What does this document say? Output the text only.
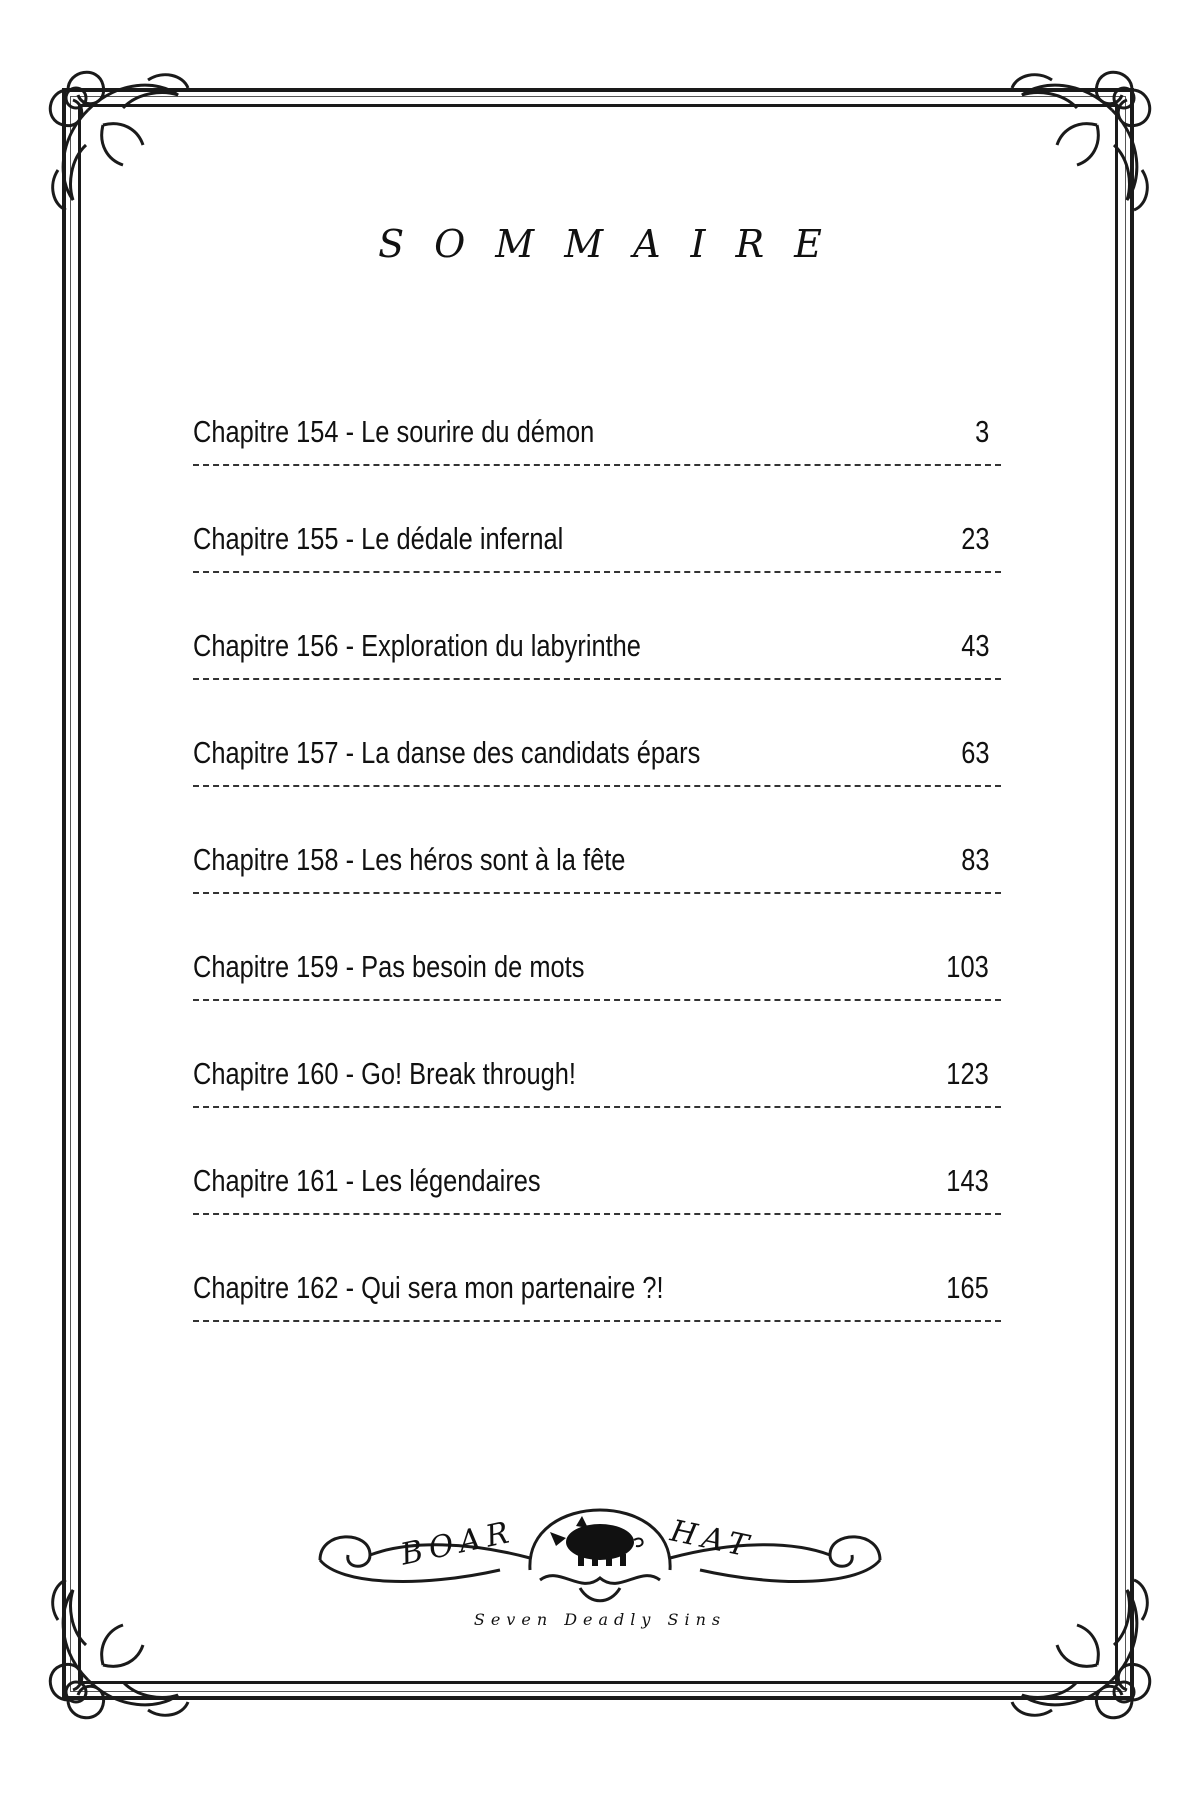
SOMMAIRE
Chapitre 154 - Le sourire du démon	3
Chapitre 155 - Le dédale infernal	23
Chapitre 156 - Exploration du labyrinthe	43
Chapitre 157 - La danse des candidats épars	63
Chapitre 158 - Les héros sont à la fête	83
Chapitre 159 - Pas besoin de mots	103
Chapitre 160 - Go! Break through!	123
Chapitre 161 - Les légendaires	143
Chapitre 162 - Qui sera mon partenaire ?!	165
BOAR	HAT
Seven Deadly Sins
